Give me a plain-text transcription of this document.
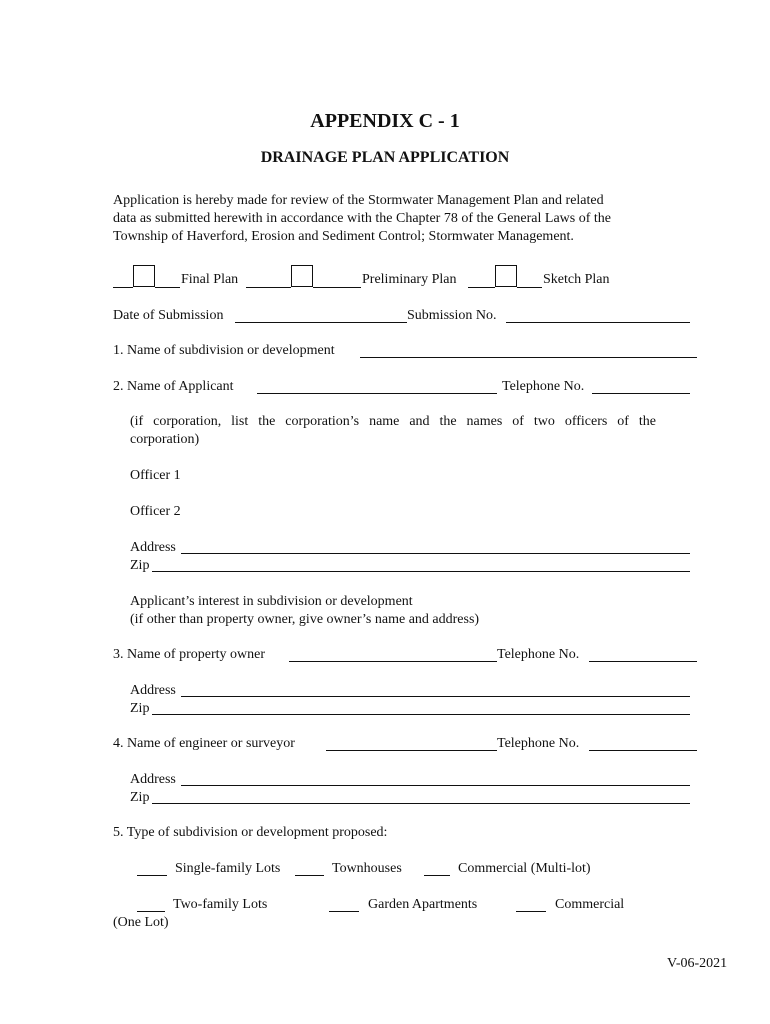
APPENDIX C - 1
DRAINAGE PLAN APPLICATION
Application is hereby made for review of the Stormwater Management Plan and related
data as submitted herewith in accordance with the Chapter 78 of the General Laws of the
Township of Haverford, Erosion and Sediment Control; Stormwater Management.
Final Plan	Preliminary Plan	Sketch Plan
Date of Submission	Submission No.
1. Name of subdivision or development
2. Name of Applicant	Telephone No.
(if corporation, list the corporation’s name and the names of two officers of the
corporation)
Officer 1
Officer 2
Address
Zip
Applicant’s interest in subdivision or development
(if other than property owner, give owner’s name and address)
3. Name of property owner	Telephone No.
Address
Zip
4. Name of engineer or surveyor	Telephone No.
Address
Zip
5. Type of subdivision or development proposed:
Single-family Lots	Townhouses	Commercial (Multi-lot)
Two-family Lots	Garden Apartments	Commercial
(One Lot)
V-06-2021
